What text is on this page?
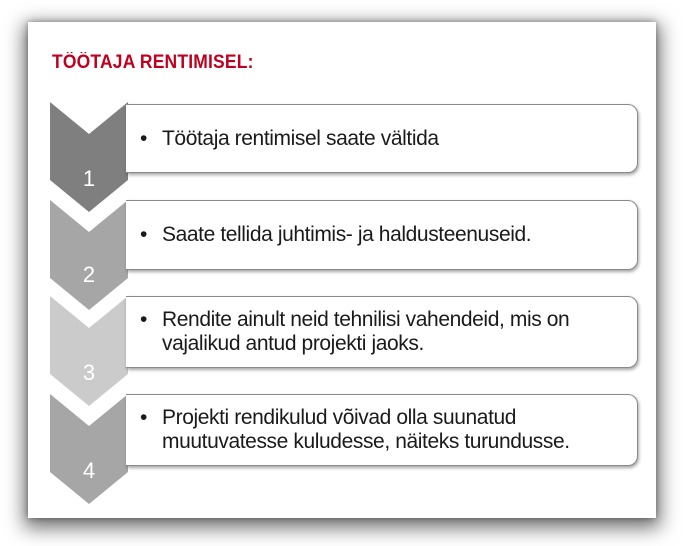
TÖÖTAJA RENTIMISEL:
1
• Töötaja rentimisel saate vältida
2
• Saate tellida juhtimis- ja haldusteenuseid.
3
• Rendite ainult neid tehnilisi vahendeid, mis on vajalikud antud projekti jaoks.
4
• Projekti rendikulud võivad olla suunatud muutuvatesse kuludesse, näiteks turundusse.
